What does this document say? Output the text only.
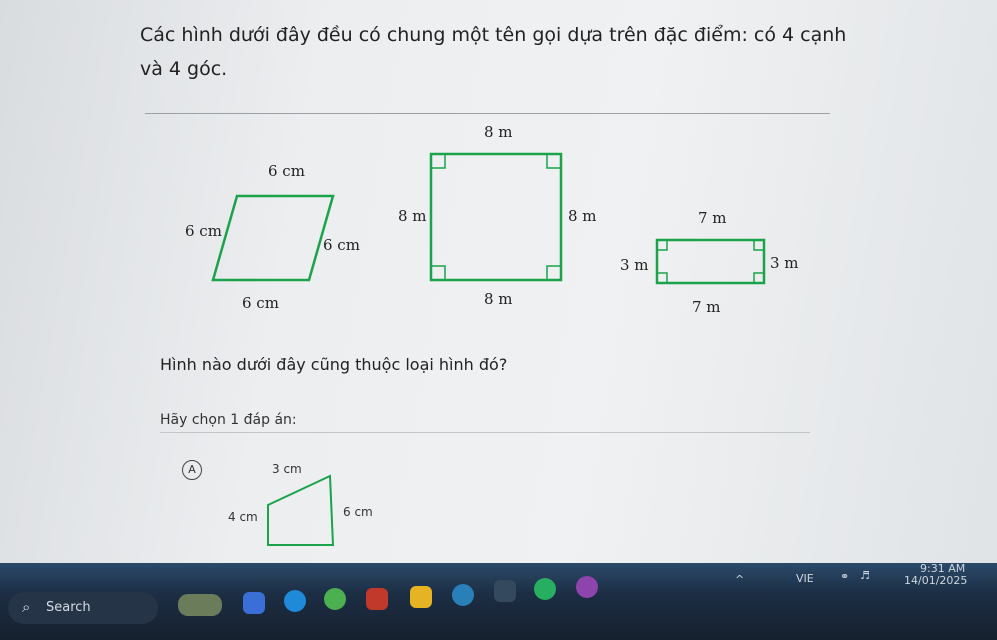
Các hình dưới đây đều có chung một tên gọi dựa trên đặc điểm: có 4 cạnh và 4 góc.
6 cm
6 cm
6 cm
6 cm
8 m
8 m	8 m
8 m
7 m
3 m	3 m
7 m
Hình nào dưới đây cũng thuộc loại hình đó?
Hãy chọn 1 đáp án:
A	3 cm
4 cm	6 cm
⌕ Search
^	VIE ⚭ ♬
9:31 AM
14/01/2025
